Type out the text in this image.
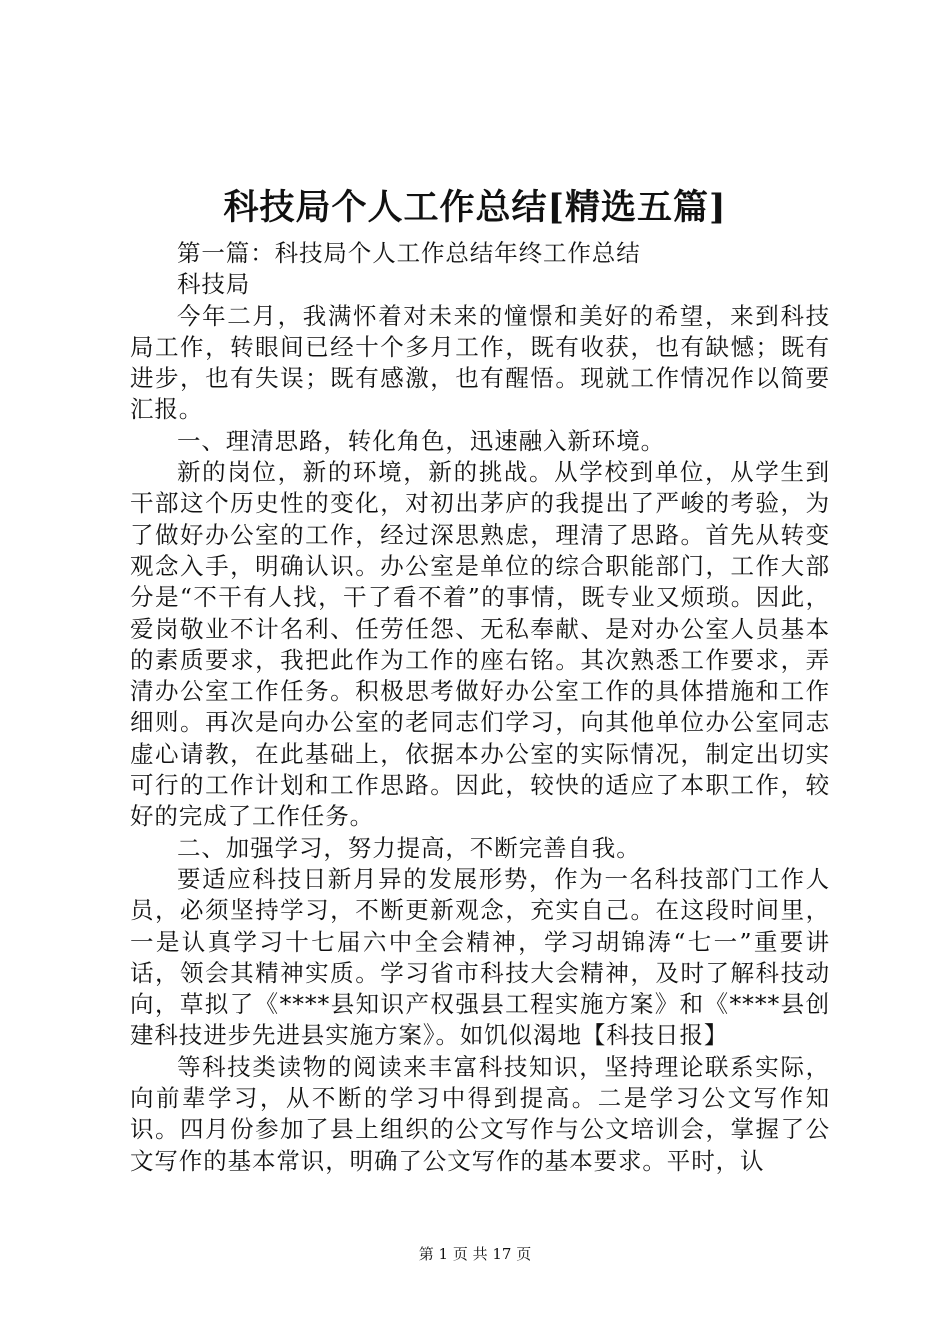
科技局个人工作总结[精选五篇]

第一篇：科技局个人工作总结年终工作总结

科技局

今年二月，我满怀着对未来的憧憬和美好的希望，来到科技局工作，转眼间已经十个多月工作，既有收获，也有缺憾；既有进步，也有失误；既有感激，也有醒悟。现就工作情况作以简要汇报。

一、理清思路，转化角色，迅速融入新环境。

新的岗位，新的环境，新的挑战。从学校到单位，从学生到干部这个历史性的变化，对初出茅庐的我提出了严峻的考验，为了做好办公室的工作，经过深思熟虑，理清了思路。首先从转变观念入手，明确认识。办公室是单位的综合职能部门，工作大部分是“不干有人找，干了看不着”的事情，既专业又烦琐。因此，爱岗敬业不计名利、任劳任怨、无私奉献、是对办公室人员基本的素质要求，我把此作为工作的座右铭。其次熟悉工作要求，弄清办公室工作任务。积极思考做好办公室工作的具体措施和工作细则。再次是向办公室的老同志们学习，向其他单位办公室同志虚心请教，在此基础上，依据本办公室的实际情况，制定出切实可行的工作计划和工作思路。因此，较快的适应了本职工作，较好的完成了工作任务。

二、加强学习，努力提高，不断完善自我。

要适应科技日新月异的发展形势，作为一名科技部门工作人员，必须坚持学习，不断更新观念，充实自己。在这段时间里，一是认真学习十七届六中全会精神，学习胡锦涛“七一”重要讲话，领会其精神实质。学习省市科技大会精神，及时了解科技动向，草拟了《****县知识产权强县工程实施方案》和《****县创建科技进步先进县实施方案》。如饥似渴地【科技日报】

等科技类读物的阅读来丰富科技知识，坚持理论联系实际，向前辈学习，从不断的学习中得到提高。二是学习公文写作知识。四月份参加了县上组织的公文写作与公文培训会，掌握了公文写作的基本常识，明确了公文写作的基本要求。平时，认

第 1 页 共 17 页
